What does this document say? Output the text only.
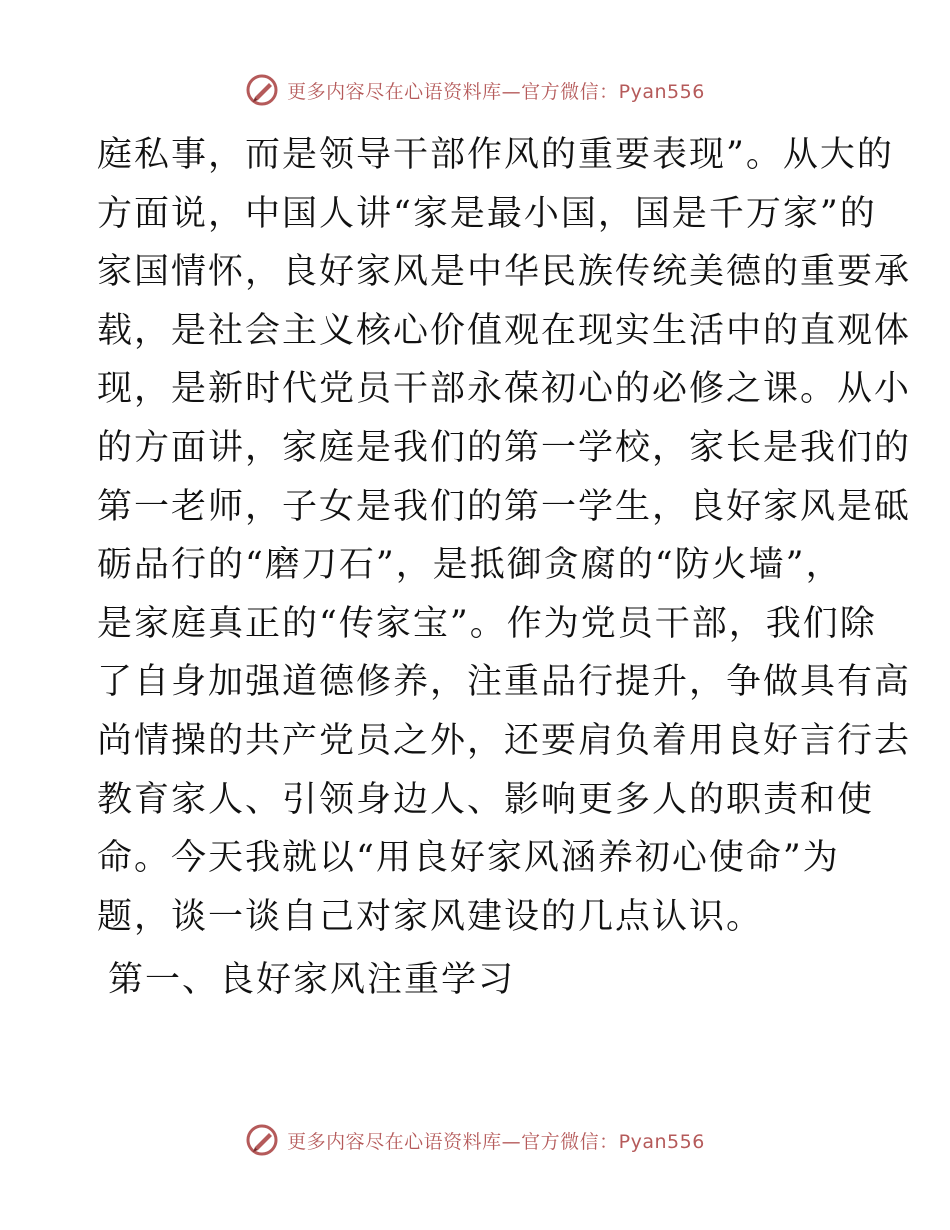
更多内容尽在心语资料库—官方微信：Pyan556
庭私事，而是领导干部作风的重要表现”。从大的
方面说，中国人讲“家是最小国，国是千万家”的
家国情怀，良好家风是中华民族传统美德的重要承
载，是社会主义核心价值观在现实生活中的直观体
现，是新时代党员干部永葆初心的必修之课。从小
的方面讲，家庭是我们的第一学校，家长是我们的
第一老师，子女是我们的第一学生，良好家风是砥
砺品行的“磨刀石”，是抵御贪腐的“防火墙”，
是家庭真正的“传家宝”。作为党员干部，我们除
了自身加强道德修养，注重品行提升，争做具有高
尚情操的共产党员之外，还要肩负着用良好言行去
教育家人、引领身边人、影响更多人的职责和使
命。今天我就以“用良好家风涵养初心使命”为
题，谈一谈自己对家风建设的几点认识。
第一、良好家风注重学习
更多内容尽在心语资料库—官方微信：Pyan556
